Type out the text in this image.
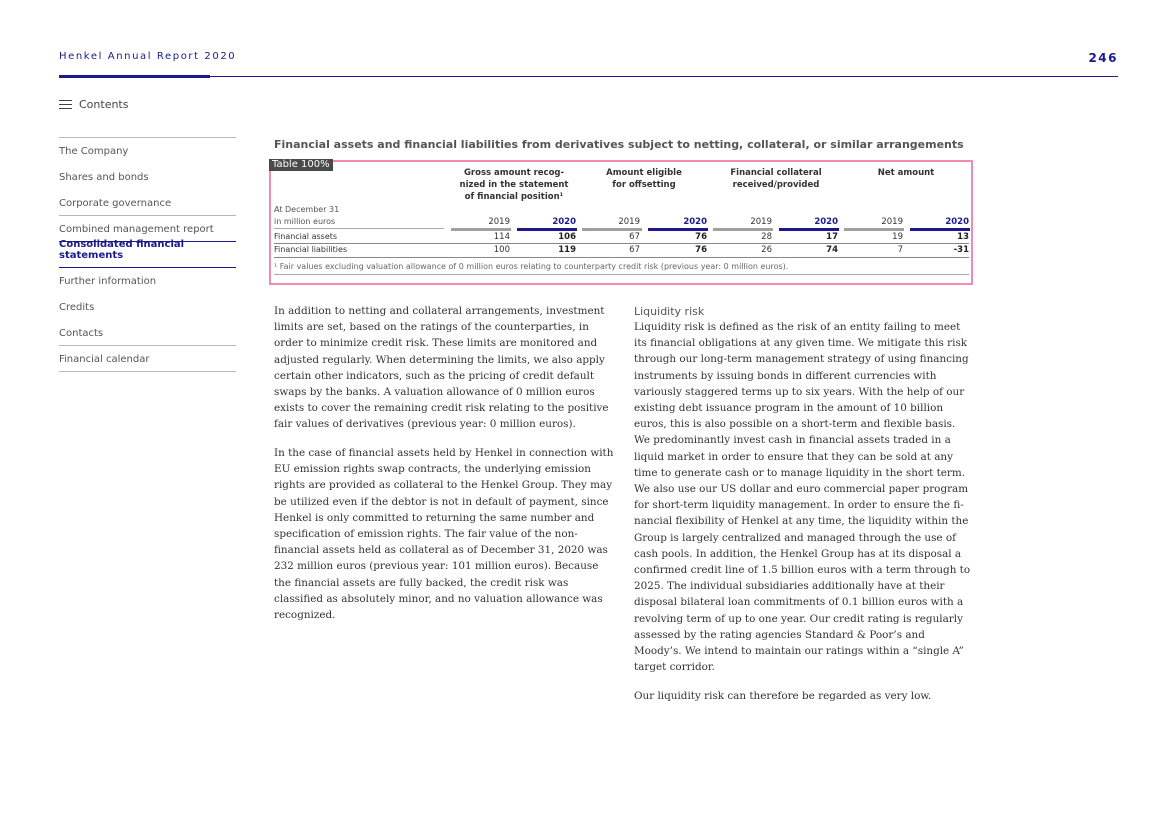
Henkel Annual Report 2020	246
Contents
The Company
Shares and bonds
Corporate governance
Combined management report
Consolidated financial statements
Further information
Credits
Contacts
Financial calendar
Financial assets and financial liabilities from derivatives subject to netting, collateral, or similar arrangements
Table 100%
Gross amount recog-
nized in the statement
of financial position¹
Amount eligible
for offsetting
Financial collateral
received/provided
Net amount
At December 31
in million euros	2019	2020	2019	2020	2019	2020	2019	2020
Financial assets	114	106	67	76	28	17	19	13
Financial liabilities	100	119	67	76	26	74	7	-31
¹ Fair values excluding valuation allowance of 0 million euros relating to counterparty credit risk (previous year: 0 million euros).

In addition to netting and collateral arrangements, investment limits are set, based on the ratings of the counterparties, in order to minimize credit risk. These limits are monitored and adjusted regularly. When determining the limits, we also apply certain other indicators, such as the pricing of credit default swaps by the banks. A valuation allowance of 0 million euros exists to cover the remaining credit risk relating to the positive fair values of derivatives (previous year: 0 million euros).

In the case of financial assets held by Henkel in connection with EU emission rights swap contracts, the underlying emission rights are provided as collateral to the Henkel Group. They may be utilized even if the debtor is not in default of payment, since Henkel is only committed to returning the same number and specification of emission rights. The fair value of the non-financial assets held as collateral as of December 31, 2020 was 232 million euros (previous year: 101 million euros). Because the financial assets are fully backed, the credit risk was classified as absolutely minor, and no valuation allowance was recognized.

Liquidity risk

Liquidity risk is defined as the risk of an entity failing to meet its financial obligations at any given time. We mitigate this risk through our long-term management strategy of using financing instruments by issuing bonds in different currencies with variously staggered terms up to six years. With the help of our existing debt issuance program in the amount of 10 billion euros, this is also possible on a short-term and flexible basis. We predominantly invest cash in financial assets traded in a liquid market in order to ensure that they can be sold at any time to generate cash or to manage liquidity in the short term. We also use our US dollar and euro commercial paper program for short-term liquidity management. In order to ensure the financial flexibility of Henkel at any time, the liquidity within the Group is largely centralized and managed through the use of cash pools. In addition, the Henkel Group has at its disposal a confirmed credit line of 1.5 billion euros with a term through to 2025. The individual subsidiaries additionally have at their disposal bilateral loan commitments of 0.1 billion euros with a revolving term of up to one year. Our credit rating is regularly assessed by the rating agencies Standard & Poor’s and Moody’s. We intend to maintain our ratings within a “single A” target corridor.

Our liquidity risk can therefore be regarded as very low.
